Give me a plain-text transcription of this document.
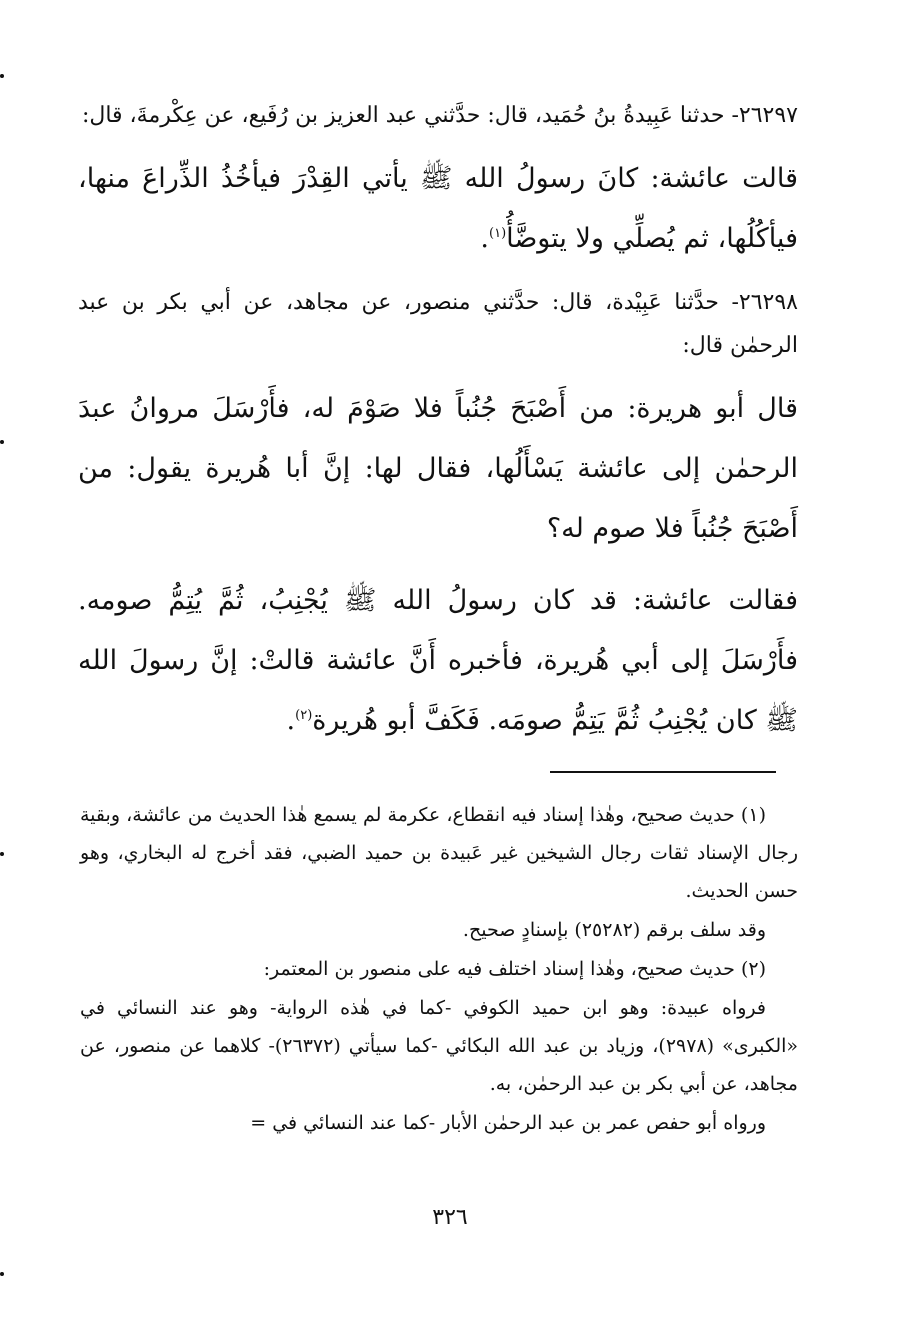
٢٦٢٩٧- حدثنا عَبِيدةُ بنُ حُمَيد، قال: حدَّثني عبد العزيز بن رُفَيع، عن عِكْرمةَ، قال:

قالت عائشة: كانَ رسولُ الله ﷺ يأتي القِدْرَ فيأخُذُ الذِّراعَ منها، فيأكُلُها، ثم يُصلِّي ولا يتوضَّأُ$^{(١)}$.

٢٦٢٩٨- حدَّثنا عَبِيْدة، قال: حدَّثني منصور، عن مجاهد، عن أبي بكر بن عبد الرحمٰن قال:

قال أبو هريرة: من أَصْبَحَ جُنُباً فلا صَوْمَ له، فأَرْسَلَ مروانُ عبدَ الرحمٰن إلى عائشة يَسْأَلُها، فقال لها: إنَّ أبا هُريرة يقول: من أَصْبَحَ جُنُباً فلا صوم له؟

فقالت عائشة: قد كان رسولُ الله ﷺ يُجْنِبُ، ثُمَّ يُتِمُّ صومه. فأَرْسَلَ إلى أبي هُريرة، فأخبره أَنَّ عائشة قالتْ: إنَّ رسولَ الله ﷺ كان يُجْنِبُ ثُمَّ يَتِمُّ صومَه. فَكَفَّ أبو هُريرة$^{(٢)}$.

(١) حديث صحيح، وهٰذا إسناد فيه انقطاع، عكرمة لم يسمع هٰذا الحديث من عائشة، وبقية رجال الإسناد ثقات رجال الشيخين غير عَبيدة بن حميد الضبي، فقد أخرج له البخاري، وهو حسن الحديث.

وقد سلف برقم (٢٥٢٨٢) بإسنادٍ صحيح.

(٢) حديث صحيح، وهٰذا إسناد اختلف فيه على منصور بن المعتمر:

فرواه عبيدة: وهو ابن حميد الكوفي -كما في هٰذه الرواية- وهو عند النسائي في «الكبرى» (٢٩٧٨)، وزياد بن عبد الله البكائي -كما سيأتي (٢٦٣٧٢)- كلاهما عن منصور، عن مجاهد، عن أبي بكر بن عبد الرحمٰن، به.

ورواه أبو حفص عمر بن عبد الرحمٰن الأبار -كما عند النسائي في =

٣٢٦
